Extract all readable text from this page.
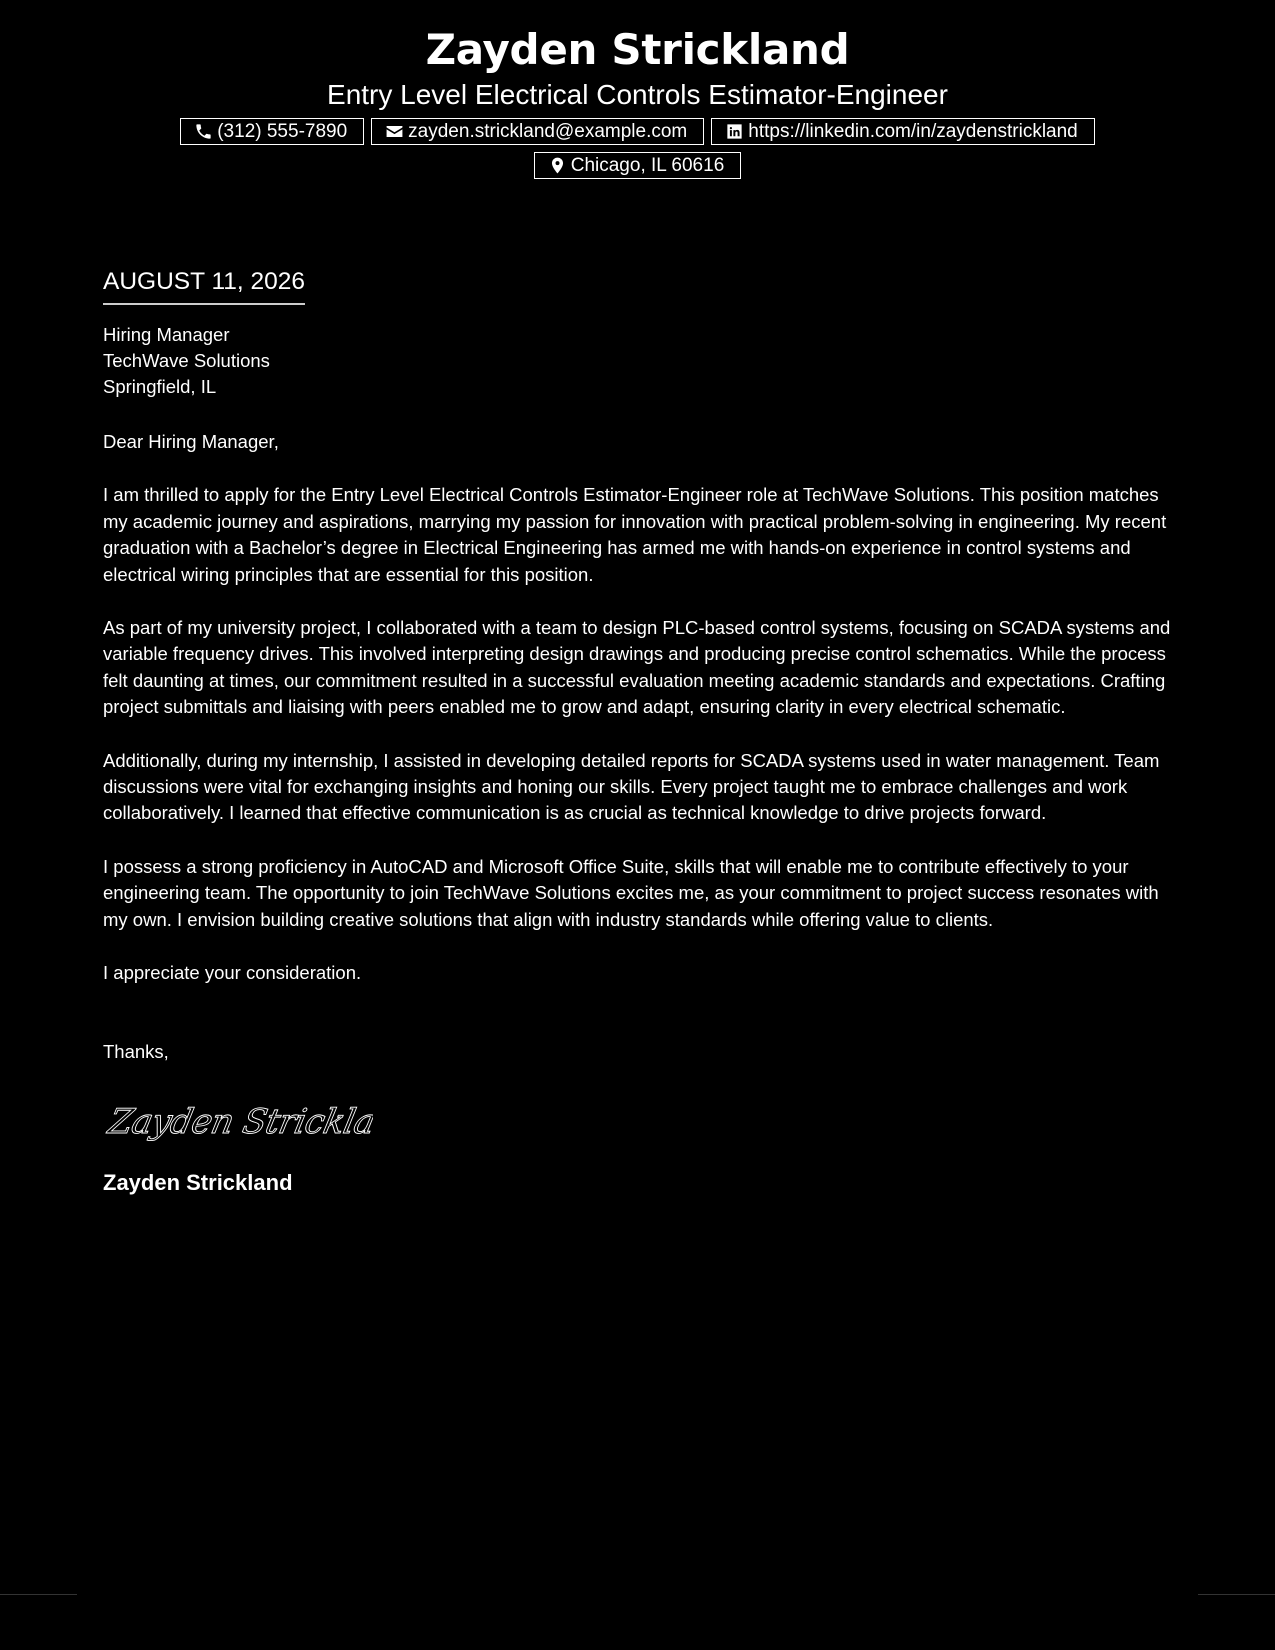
Zayden Strickland
Entry Level Electrical Controls Estimator-Engineer
(312) 555-7890	zayden.strickland@example.com	https://linkedin.com/in/zaydenstrickland
Chicago, IL 60616
AUGUST 11, 2026
Hiring Manager
TechWave Solutions
Springfield, IL
Dear Hiring Manager,
I am thrilled to apply for the Entry Level Electrical Controls Estimator-Engineer role at TechWave Solutions. This position matches my academic journey and aspirations, marrying my passion for innovation with practical problem-solving in engineering. My recent graduation with a Bachelor’s degree in Electrical Engineering has armed me with hands-on experience in control systems and electrical wiring principles that are essential for this position.
As part of my university project, I collaborated with a team to design PLC-based control systems, focusing on SCADA systems and variable frequency drives. This involved interpreting design drawings and producing precise control schematics. While the process felt daunting at times, our commitment resulted in a successful evaluation meeting academic standards and expectations. Crafting project submittals and liaising with peers enabled me to grow and adapt, ensuring clarity in every electrical schematic.
Additionally, during my internship, I assisted in developing detailed reports for SCADA systems used in water management. Team discussions were vital for exchanging insights and honing our skills. Every project taught me to embrace challenges and work collaboratively. I learned that effective communication is as crucial as technical knowledge to drive projects forward.
I possess a strong proficiency in AutoCAD and Microsoft Office Suite, skills that will enable me to contribute effectively to your engineering team. The opportunity to join TechWave Solutions excites me, as your commitment to project success resonates with my own. I envision building creative solutions that align with industry standards while offering value to clients.
I appreciate your consideration.
Thanks,
Zayden Stricklan
Zayden Strickland
